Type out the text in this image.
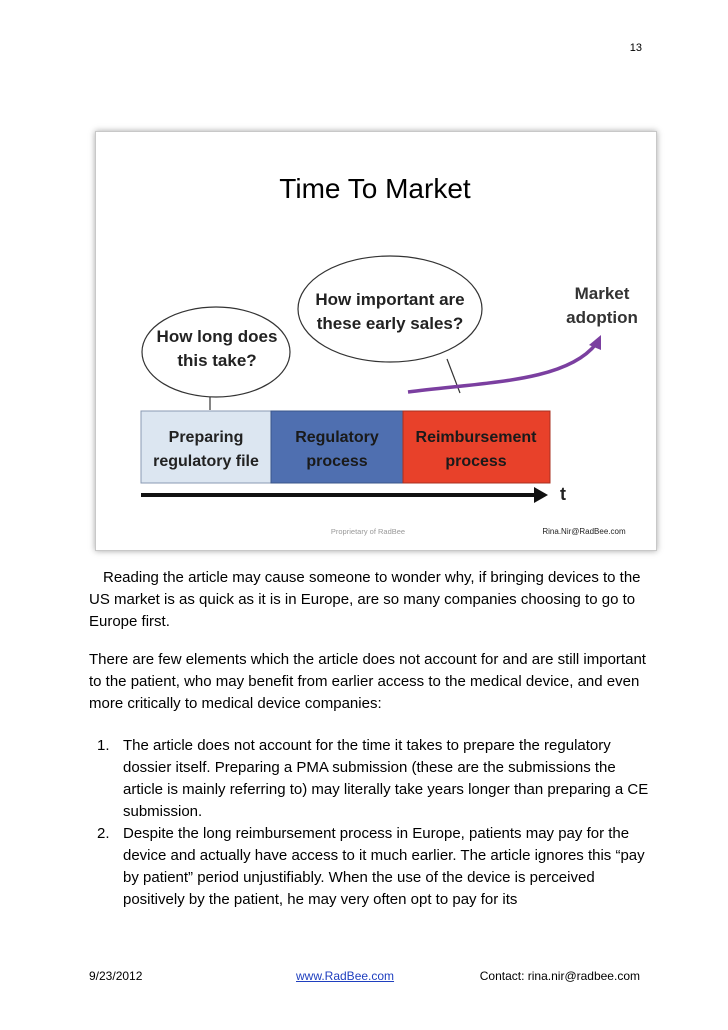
13
Time To Market
How long does
this take?
How important are
these early sales?
Market
adoption
Preparing
regulatory file
Regulatory
process
Reimbursement
process
t
Proprietary of RadBee	Rina.Nir@RadBee.com
Reading the article may cause someone to wonder why, if bringing devices to the US market is as quick as it is in Europe, are so many companies choosing to go to Europe first.
There are few elements which the article does not account for and are still important to the patient, who may benefit from earlier access to the medical device, and even more critically to medical device companies:
1. The article does not account for the time it takes to prepare the regulatory dossier itself. Preparing a PMA submission (these are the submissions the article is mainly referring to) may literally take years longer than preparing a CE submission.
2. Despite the long reimbursement process in Europe, patients may pay for the device and actually have access to it much earlier. The article ignores this “pay by patient” period unjustifiably. When the use of the device is perceived positively by the patient, he may very often opt to pay for its
9/23/2012	www.RadBee.com	Contact: rina.nir@radbee.com
